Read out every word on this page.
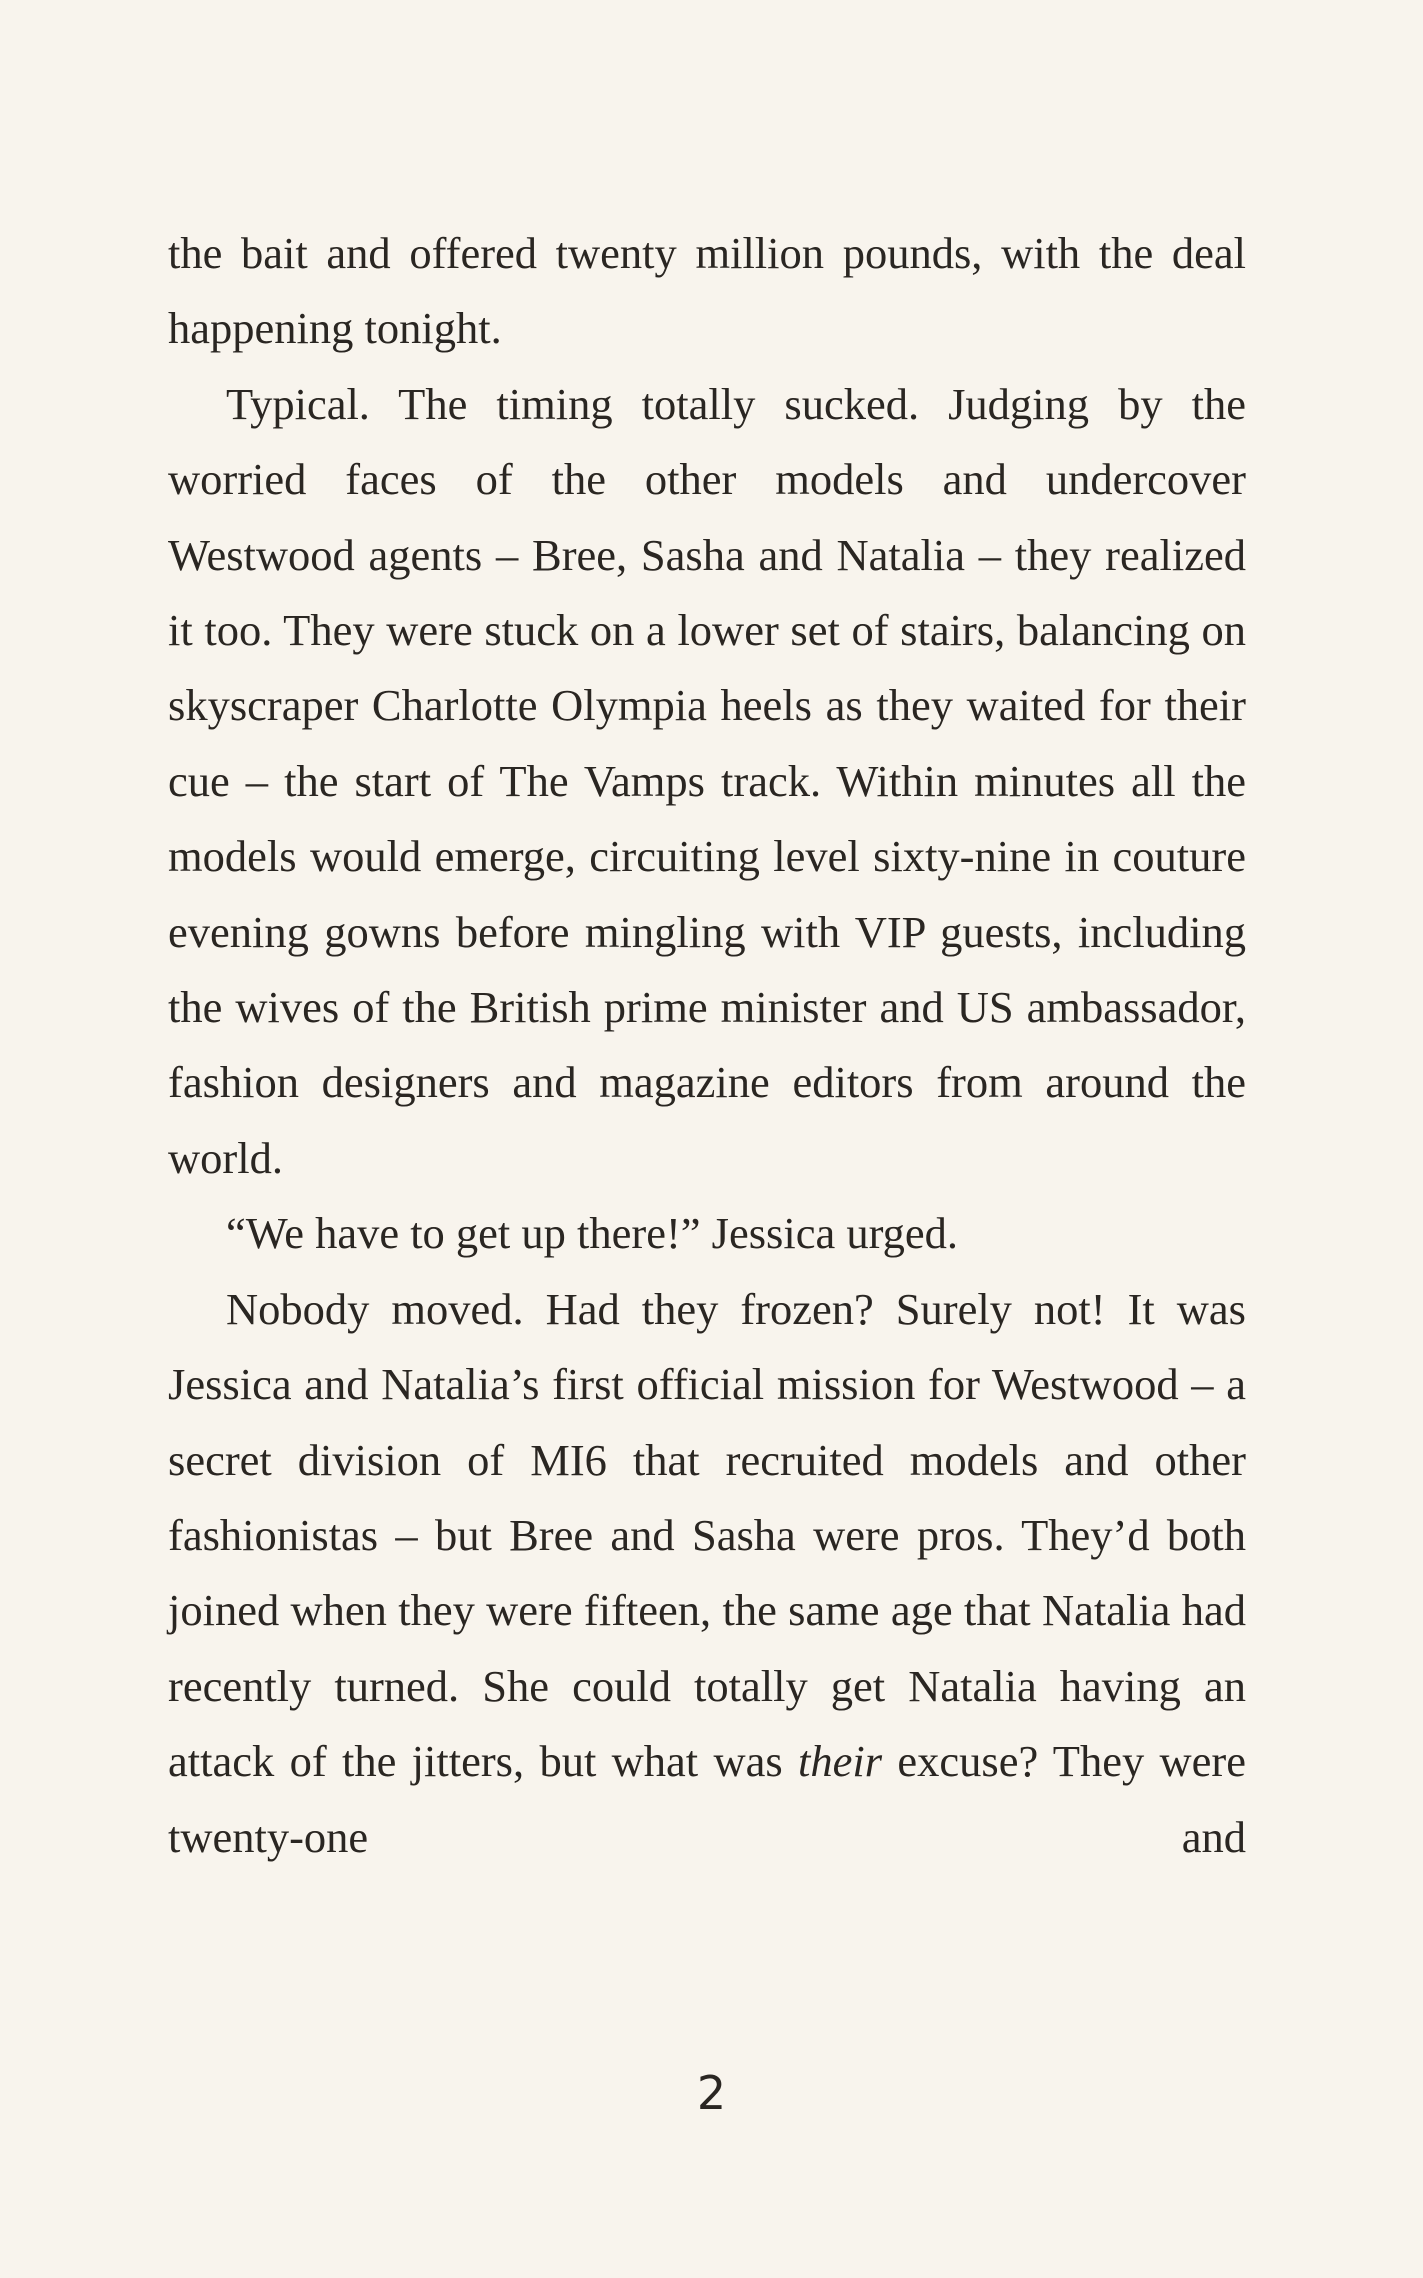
the bait and offered twenty million pounds, with the deal happening tonight.

Typical. The timing totally sucked. Judging by the worried faces of the other models and undercover Westwood agents – Bree, Sasha and Natalia – they realized it too. They were stuck on a lower set of stairs, balancing on skyscraper Charlotte Olympia heels as they waited for their cue – the start of The Vamps track. Within minutes all the models would emerge, circuiting level sixty-nine in couture evening gowns before mingling with VIP guests, including the wives of the British prime minister and US ambassador, fashion designers and magazine editors from around the world.

“We have to get up there!” Jessica urged.

Nobody moved. Had they frozen? Surely not! It was Jessica and Natalia’s first official mission for Westwood – a secret division of MI6 that recruited models and other fashionistas – but Bree and Sasha were pros. They’d both joined when they were fifteen, the same age that Natalia had recently turned. She could totally get Natalia having an attack of the jitters, but what was their excuse? They were twenty-one and

2
